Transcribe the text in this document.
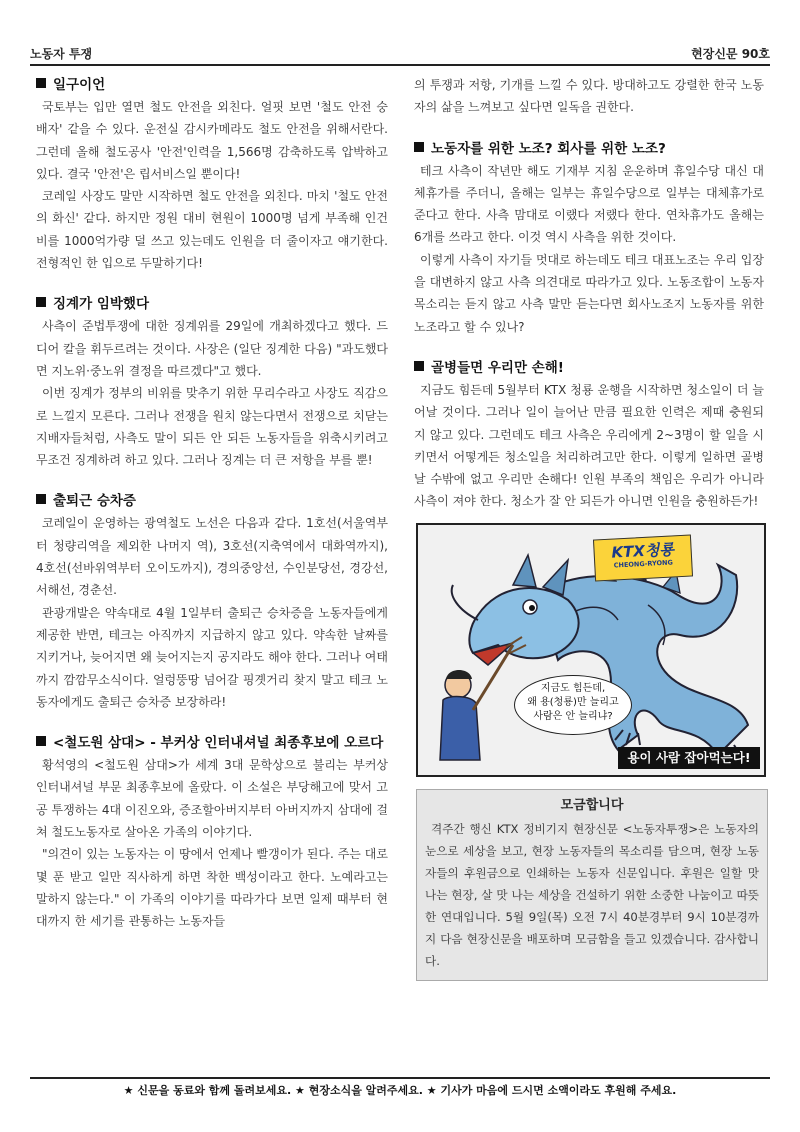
노동자 투쟁	현장신문 90호
일구이언

국토부는 입만 열면 철도 안전을 외친다. 얼핏 보면 '철도 안전 숭배자' 같을 수 있다. 운전실 감시카메라도 철도 안전을 위해서란다. 그런데 올해 철도공사 '안전'인력을 1,566명 감축하도록 압박하고 있다. 결국 '안전'은 립서비스일 뿐이다!

코레일 사장도 말만 시작하면 철도 안전을 외친다. 마치 '철도 안전의 화신' 같다. 하지만 정원 대비 현원이 1000명 넘게 부족해 인건비를 1000억가량 덜 쓰고 있는데도 인원을 더 줄이자고 얘기한다. 전형적인 한 입으로 두말하기다!

징계가 임박했다

사측이 준법투쟁에 대한 징계위를 29일에 개최하겠다고 했다. 드디어 칼을 휘두르려는 것이다. 사장은 (일단 징계한 다음) "과도했다면 지노위·중노위 결정을 따르겠다"고 했다.

이번 징계가 정부의 비위를 맞추기 위한 무리수라고 사장도 직감으로 느낄지 모른다. 그러나 전쟁을 원치 않는다면서 전쟁으로 치닫는 지배자들처럼, 사측도 말이 되든 안 되든 노동자들을 위축시키려고 무조건 징계하려 하고 있다. 그러나 징계는 더 큰 저항을 부를 뿐!

출퇴근 승차증

코레일이 운영하는 광역철도 노선은 다음과 같다. 1호선(서울역부터 청량리역을 제외한 나머지 역), 3호선(지축역에서 대화역까지), 4호선(선바위역부터 오이도까지), 경의중앙선, 수인분당선, 경강선, 서해선, 경춘선.

관광개발은 약속대로 4월 1일부터 출퇴근 승차증을 노동자들에게 제공한 반면, 테크는 아직까지 지급하지 않고 있다. 약속한 날짜를 지키거나, 늦어지면 왜 늦어지는지 공지라도 해야 한다. 그러나 여태까지 깜깜무소식이다. 얼렁뚱땅 넘어갈 핑곗거리 찾지 말고 테크 노동자에게도 출퇴근 승차증 보장하라!

<철도원 삼대> - 부커상 인터내셔널 최종후보에 오르다

황석영의 <철도원 삼대>가 세계 3대 문학상으로 불리는 부커상 인터내셔널 부문 최종후보에 올랐다. 이 소설은 부당해고에 맞서 고공 투쟁하는 4대 이진오와, 증조할아버지부터 아버지까지 삼대에 걸쳐 철도노동자로 살아온 가족의 이야기다.

"의견이 있는 노동자는 이 땅에서 언제나 빨갱이가 된다. 주는 대로 몇 푼 받고 일만 직사하게 하면 착한 백성이라고 한다. 노예라고는 말하지 않는다." 이 가족의 이야기를 따라가다 보면 일제 때부터 현대까지 한 세기를 관통하는 노동자들

의 투쟁과 저항, 기개를 느낄 수 있다. 방대하고도 강렬한 한국 노동자의 삶을 느껴보고 싶다면 일독을 권한다.

노동자를 위한 노조? 회사를 위한 노조?

테크 사측이 작년만 해도 기재부 지침 운운하며 휴일수당 대신 대체휴가를 주더니, 올해는 일부는 휴일수당으로 일부는 대체휴가로 준다고 한다. 사측 맘대로 이랬다 저랬다 한다. 연차휴가도 올해는 6개를 쓰라고 한다. 이것 역시 사측을 위한 것이다.

이렇게 사측이 자기들 멋대로 하는데도 테크 대표노조는 우리 입장을 대변하지 않고 사측 의견대로 따라가고 있다. 노동조합이 노동자 목소리는 듣지 않고 사측 말만 듣는다면 회사노조지 노동자를 위한 노조라고 할 수 있나?

골병들면 우리만 손해!

지금도 힘든데 5월부터 KTX 청룡 운행을 시작하면 청소일이 더 늘어날 것이다. 그러나 일이 늘어난 만큼 필요한 인력은 제때 충원되지 않고 있다. 그런데도 테크 사측은 우리에게 2~3명이 할 일을 시키면서 어떻게든 청소일을 처리하려고만 한다. 이렇게 일하면 골병 날 수밖에 없고 우리만 손해다! 인원 부족의 책임은 우리가 아니라 사측이 져야 한다. 청소가 잘 안 되든가 아니면 인원을 충원하든가!

KTX청룡
CHEONG-RYONG
지금도 힘든데,
왜 용(청룡)만 늘리고
사람은 안 늘리냐?
용이 사람 잡아먹는다!
모금합니다

격주간 행신 KTX 정비기지 현장신문 <노동자투쟁>은 노동자의 눈으로 세상을 보고, 현장 노동자들의 목소리를 담으며, 현장 노동자들의 후원금으로 인쇄하는 노동자 신문입니다. 후원은 일할 맛 나는 현장, 살 맛 나는 세상을 건설하기 위한 소중한 나눔이고 따뜻한 연대입니다. 5월 9일(목) 오전 7시 40분경부터 9시 10분경까지 다음 현장신문을 배포하며 모금함을 들고 있겠습니다. 감사합니다.

★ 신문을 동료와 함께 돌려보세요. ★ 현장소식을 알려주세요. ★ 기사가 마음에 드시면 소액이라도 후원해 주세요.
